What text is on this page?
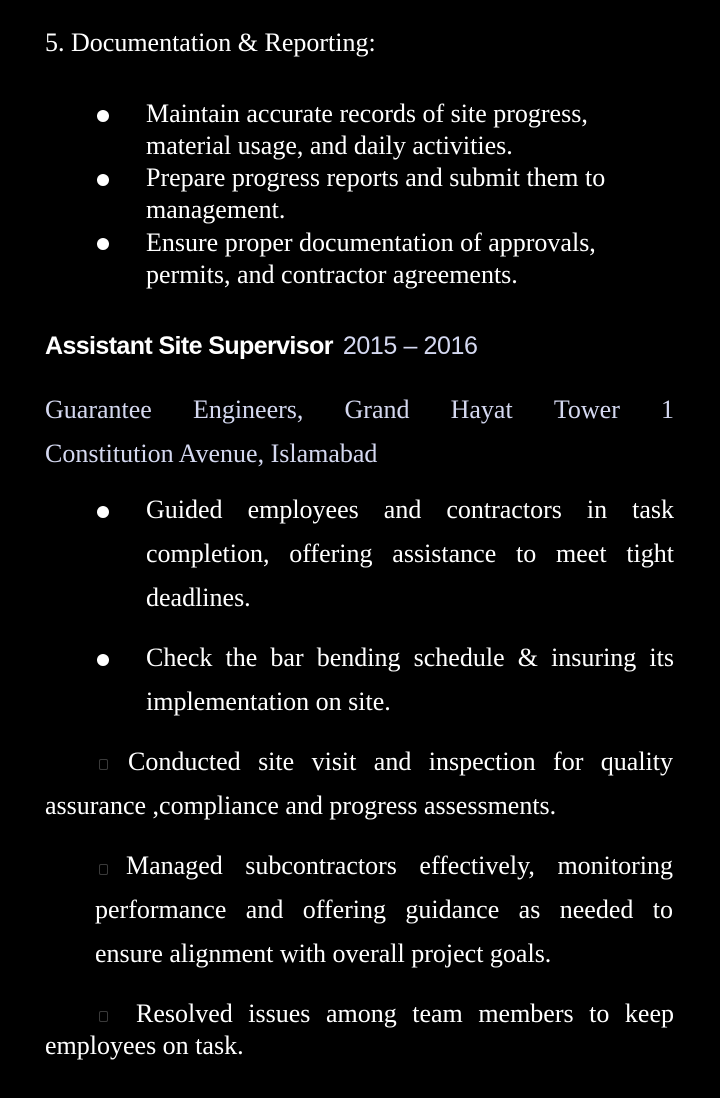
5. Documentation & Reporting:
Maintain accurate records of site progress,
material usage, and daily activities.
Prepare progress reports and submit them to
management.
Ensure proper documentation of approvals,
permits, and contractor agreements.
Assistant Site Supervisor 2015 – 2016
Guarantee Engineers, Grand Hayat Tower 1
Constitution Avenue, Islamabad
Guided employees and contractors in task
completion, offering assistance to meet tight
deadlines.
Check the bar bending schedule & insuring its
implementation on site.
Conducted site visit and inspection for quality
assurance ,compliance and progress assessments.
Managed subcontractors effectively, monitoring
performance and offering guidance as needed to
ensure alignment with overall project goals.
Resolved issues among team members to keep
employees on task.
